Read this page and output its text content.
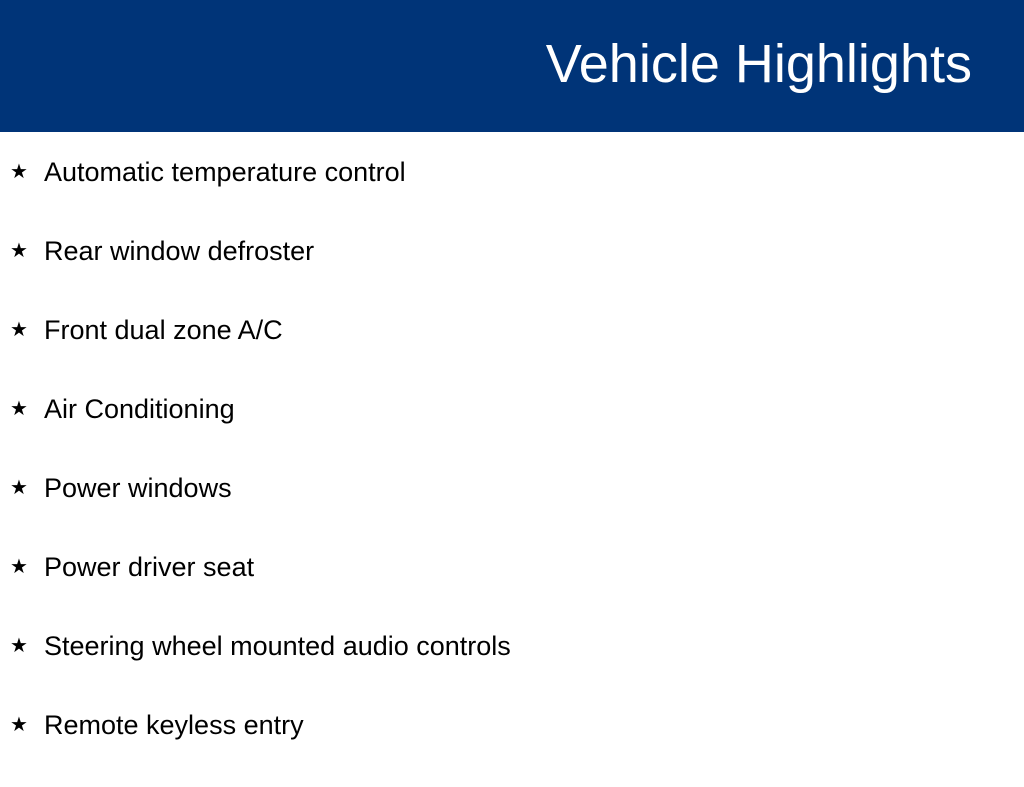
Vehicle Highlights
★ Automatic temperature control
★ Rear window defroster
★ Front dual zone A/C
★ Air Conditioning
★ Power windows
★ Power driver seat
★ Steering wheel mounted audio controls
★ Remote keyless entry
